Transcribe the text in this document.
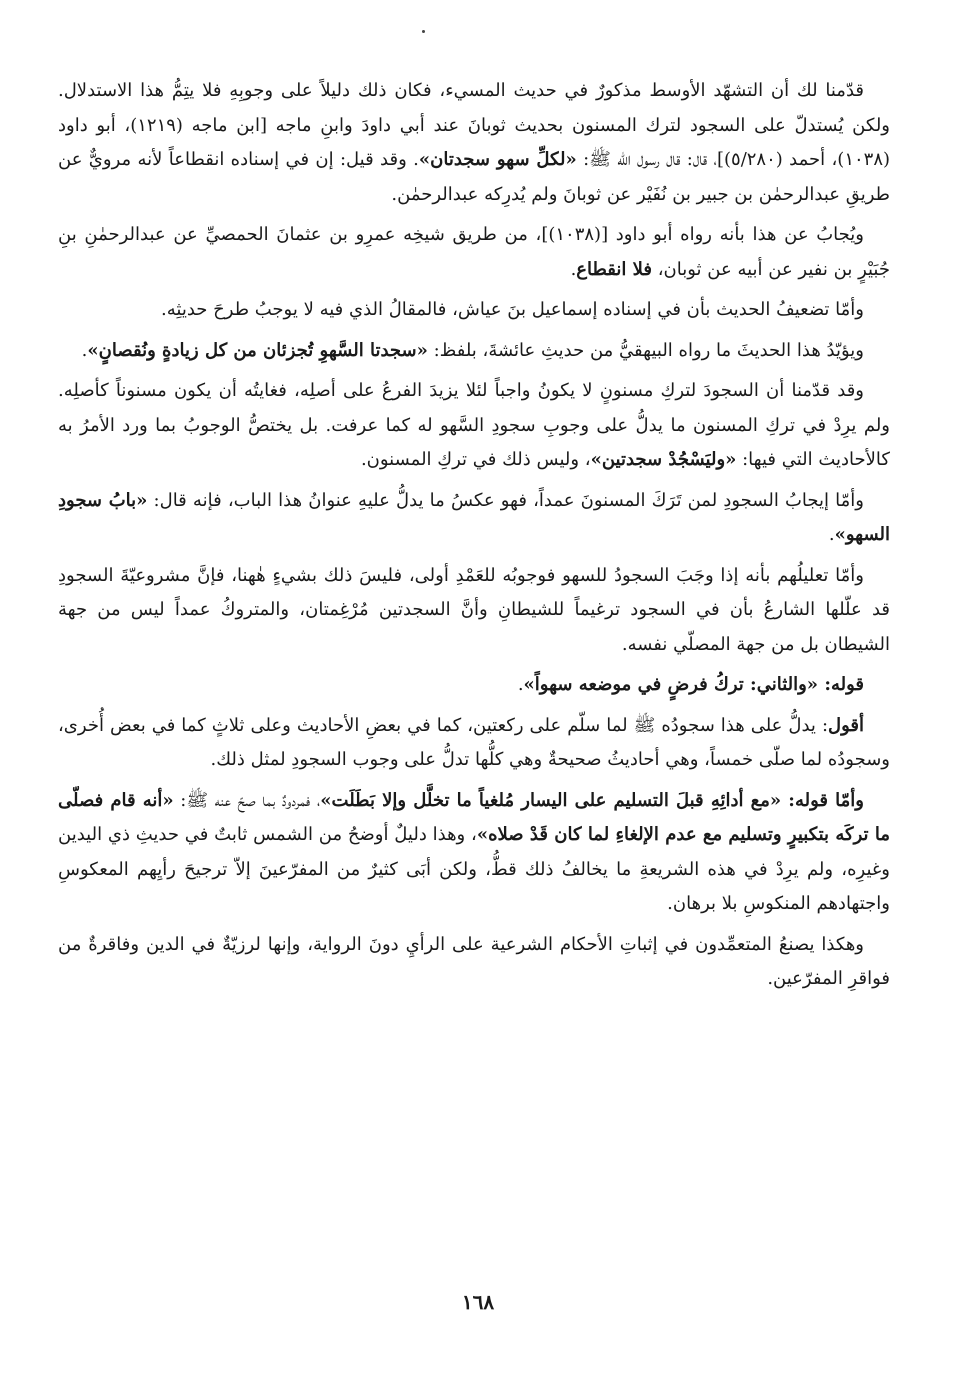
قدّمنا لك أن التشهّد الأوسط مذكورٌ في حديث المسيء، فكان ذلك دليلاً على وجوبِهِ فلا يتِمُّ هذا الاستدلال. ولكن يُستدلّ على السجود لترك المسنون بحديث ثوبانَ عند أبي داودَ وابنِ ماجه [ابن ماجه (١٢١٩)، أبو داود (١٠٣٨)، أحمد (٥/٢٨٠)]، قال: قال رسول الله ﷺ: «لكلِّ سهو سجدتان». وقد قيل: إن في إسناده انقطاعاً لأنه مرويٌّ عن طريقِ عبدالرحمٰن بن جبير بن نُفَيْر عن ثوبانَ ولم يُدرِكه عبدالرحمٰن.

ويُجابُ عن هذا بأنه رواه أبو داود [(١٠٣٨)]، من طريق شيخِه عمرِو بن عثمانَ الحمصيِّ عن عبدالرحمٰنِ بنِ جُبَيْرٍ بن نفير عن أبيه عن ثوبان، فلا انقطاع.

وأمّا تضعيفُ الحديث بأن في إسناده إسماعيل بنَ عياش، فالمقالُ الذي فيه لا يوجبُ طرحَ حديثِه.

ويؤيّدُ هذا الحديثَ ما رواه البيهقيُّ من حديثِ عائشةَ، بلفظ: «سجدتا السَّهوِ تُجزئان من كل زيادةٍ ونُقصانٍ».

وقد قدّمنا أن السجودَ لتركِ مسنونٍ لا يكونُ واجباً لئلا يزيدَ الفرعُ على أصلِه، فغايتُه أن يكون مسنوناً كأصلِه. ولم يرِدْ في تركِ المسنون ما يدلُّ على وجوبِ سجودِ السَّهو له كما عرفت. بل يختصُّ الوجوبُ بما ورد الأمرُ به كالأحاديث التي فيها: «وليَسْجُدْ سجدتين»، وليس ذلك في تركِ المسنون.

وأمّا إيجابُ السجودِ لمن تَرَكَ المسنونَ عمداً، فهو عكسُ ما يدلُّ عليهِ عنوانُ هذا الباب، فإنه قال: «بابُ سجودِ السهو».

وأمّا تعليلُهم بأنه إذا وجَبَ السجودُ للسهو فوجوبُه للعَمْدِ أولى، فليسَ ذلك بشيءٍ هٰهنا، فإنَّ مشروعيّةَ السجودِ قد علّلها الشارعُ بأن في السجود ترغيماً للشيطانِ وأنَّ السجدتين مُرْغِمتان، والمتروكُ عمداً ليس من جهة الشيطان بل من جهة المصلّي نفسه.

قوله: «والثاني: تركُ فرضٍ في موضعه سهواً».

أقول: يدلُّ على هذا سجودُه ﷺ لما سلّم على ركعتين، كما في بعضِ الأحاديث وعلى ثلاثٍ كما في بعض أُخرى، وسجودُه لما صلّى خمساً، وهي أحاديثُ صحيحةٌ وهي كلُّها تدلُّ على وجوب السجودِ لمثل ذلك.

وأمّا قوله: «مع أدائِهِ قبلَ التسليم على اليسار مُلغياً ما تخلَّل وإلا بَطَلَت»، فمردودٌ بما صحّ عنه ﷺ: «أنه قام فصلّى ما تركَه بتكبيرٍ وتسليم مع عدم الإلغاءِ لما كان قَدْ صلاه»، وهذا دليلٌ أوضحُ من الشمس ثابتٌ في حديثِ ذي اليدين وغيرِه، ولم يرِدْ في هذه الشريعةِ ما يخالفُ ذلك قطُّ، ولكن أبَى كثيرٌ من المفرّعينَ إلاّ ترجيحَ رأيِهم المعكوسِ واجتهادهم المنكوسِ بلا برهان.

وهكذا يصنعُ المتعمِّدون في إثباتِ الأحكام الشرعية على الرأيِ دونَ الرواية، وإنها لرزيّةٌ في الدين وفاقرةٌ من فواقرِ المفرّعين.

١٦٨
